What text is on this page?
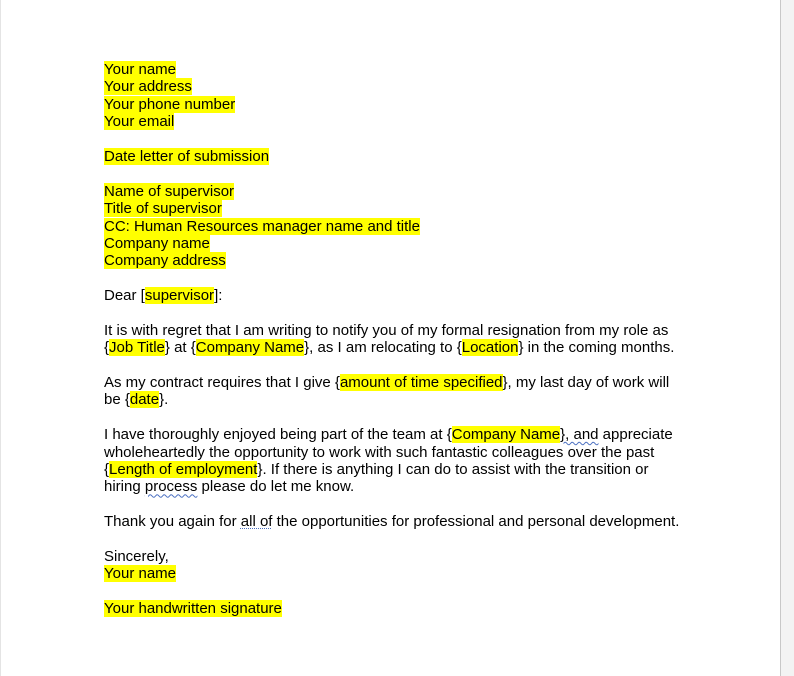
Your name
Your address
Your phone number
Your email
Date letter of submission
Name of supervisor
Title of supervisor
CC: Human Resources manager name and title
Company name
Company address
Dear [supervisor]:
It is with regret that I am writing to notify you of my formal resignation from my role as
{Job Title} at {Company Name}, as I am relocating to {Location} in the coming months.
As my contract requires that I give {amount of time specified}, my last day of work will
be {date}.
I have thoroughly enjoyed being part of the team at {Company Name}, and appreciate
wholeheartedly the opportunity to work with such fantastic colleagues over the past
{Length of employment}. If there is anything I can do to assist with the transition or
hiring process please do let me know.
Thank you again for all of the opportunities for professional and personal development.
Sincerely,
Your name
Your handwritten signature
